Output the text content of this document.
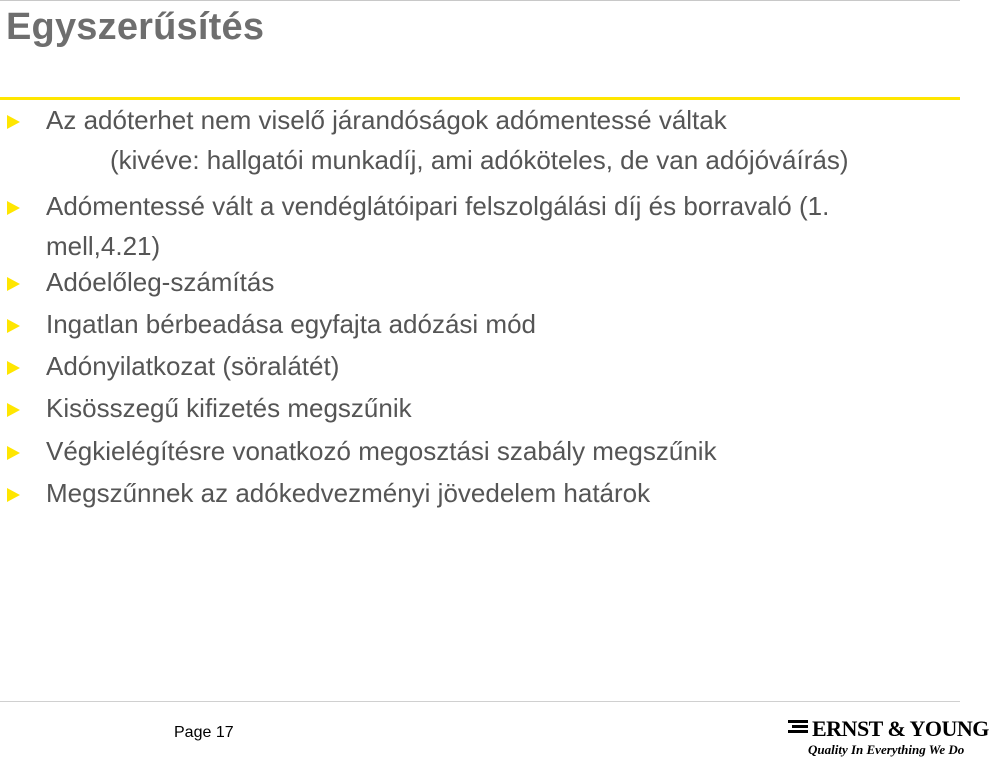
Egyszerűsítés
Az adóterhet nem viselő járandóságok adómentessé váltak
(kivéve: hallgatói munkadíj, ami adóköteles, de van adójóváírás)
Adómentessé vált a vendéglátóipari felszolgálási díj és borravaló (1.
mell,4.21)
Adóelőleg-számítás
Ingatlan bérbeadása egyfajta adózási mód
Adónyilatkozat (söralátét)
Kisösszegű kifizetés megszűnik
Végkielégítésre vonatkozó megosztási szabály megszűnik
Megszűnnek az adókedvezményi jövedelem határok
Page 17	ERNST & YOUNG
Quality In Everything We Do
